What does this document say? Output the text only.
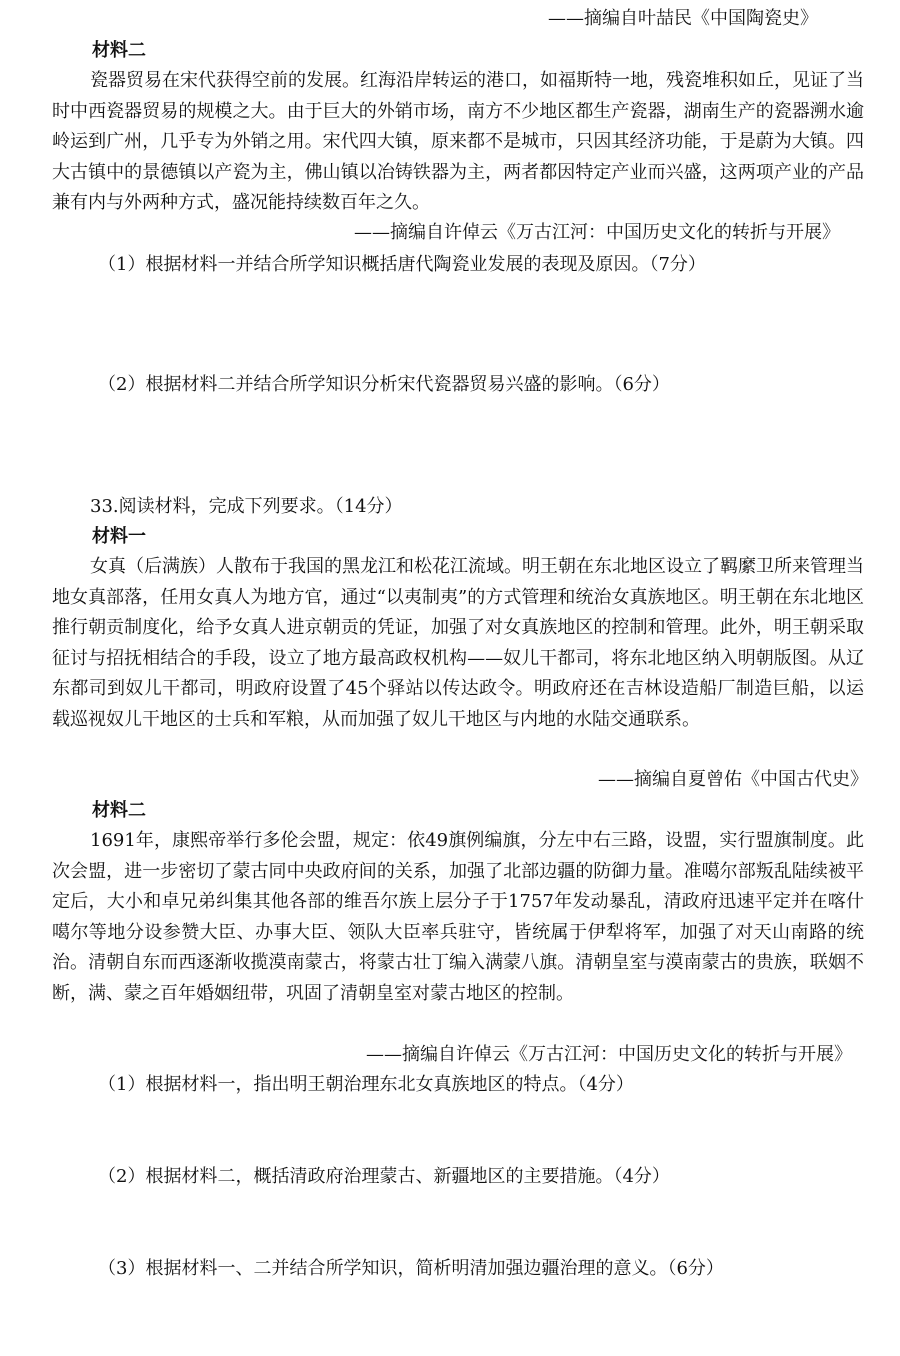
——摘编自叶喆民《中国陶瓷史》
材料二
瓷器贸易在宋代获得空前的发展。红海沿岸转运的港口，如福斯特一地，残瓷堆积如丘，见证了当时中西瓷器贸易的规模之大。由于巨大的外销市场，南方不少地区都生产瓷器，湖南生产的瓷器溯水逾岭运到广州，几乎专为外销之用。宋代四大镇，原来都不是城市，只因其经济功能，于是蔚为大镇。四大古镇中的景德镇以产瓷为主，佛山镇以冶铸铁器为主，两者都因特定产业而兴盛，这两项产业的产品兼有内与外两种方式，盛况能持续数百年之久。
——摘编自许倬云《万古江河：中国历史文化的转折与开展》
（1）根据材料一并结合所学知识概括唐代陶瓷业发展的表现及原因。（7分）
（2）根据材料二并结合所学知识分析宋代瓷器贸易兴盛的影响。（6分）
33.阅读材料，完成下列要求。（14分）
材料一
女真（后满族）人散布于我国的黑龙江和松花江流域。明王朝在东北地区设立了羁縻卫所来管理当地女真部落，任用女真人为地方官，通过“以夷制夷”的方式管理和统治女真族地区。明王朝在东北地区推行朝贡制度化，给予女真人进京朝贡的凭证，加强了对女真族地区的控制和管理。此外，明王朝采取征讨与招抚相结合的手段，设立了地方最高政权机构——奴儿干都司，将东北地区纳入明朝版图。从辽东都司到奴儿干都司，明政府设置了45个驿站以传达政令。明政府还在吉林设造船厂制造巨船，以运载巡视奴儿干地区的士兵和军粮，从而加强了奴儿干地区与内地的水陆交通联系。
——摘编自夏曾佑《中国古代史》
材料二
1691年，康熙帝举行多伦会盟，规定：依49旗例编旗，分左中右三路，设盟，实行盟旗制度。此次会盟，进一步密切了蒙古同中央政府间的关系，加强了北部边疆的防御力量。准噶尔部叛乱陆续被平定后，大小和卓兄弟纠集其他各部的维吾尔族上层分子于1757年发动暴乱，清政府迅速平定并在喀什噶尔等地分设参赞大臣、办事大臣、领队大臣率兵驻守，皆统属于伊犁将军，加强了对天山南路的统治。清朝自东而西逐渐收揽漠南蒙古，将蒙古壮丁编入满蒙八旗。清朝皇室与漠南蒙古的贵族，联姻不断，满、蒙之百年婚姻纽带，巩固了清朝皇室对蒙古地区的控制。
——摘编自许倬云《万古江河：中国历史文化的转折与开展》
（1）根据材料一，指出明王朝治理东北女真族地区的特点。（4分）
（2）根据材料二，概括清政府治理蒙古、新疆地区的主要措施。（4分）
（3）根据材料一、二并结合所学知识，简析明清加强边疆治理的意义。（6分）
